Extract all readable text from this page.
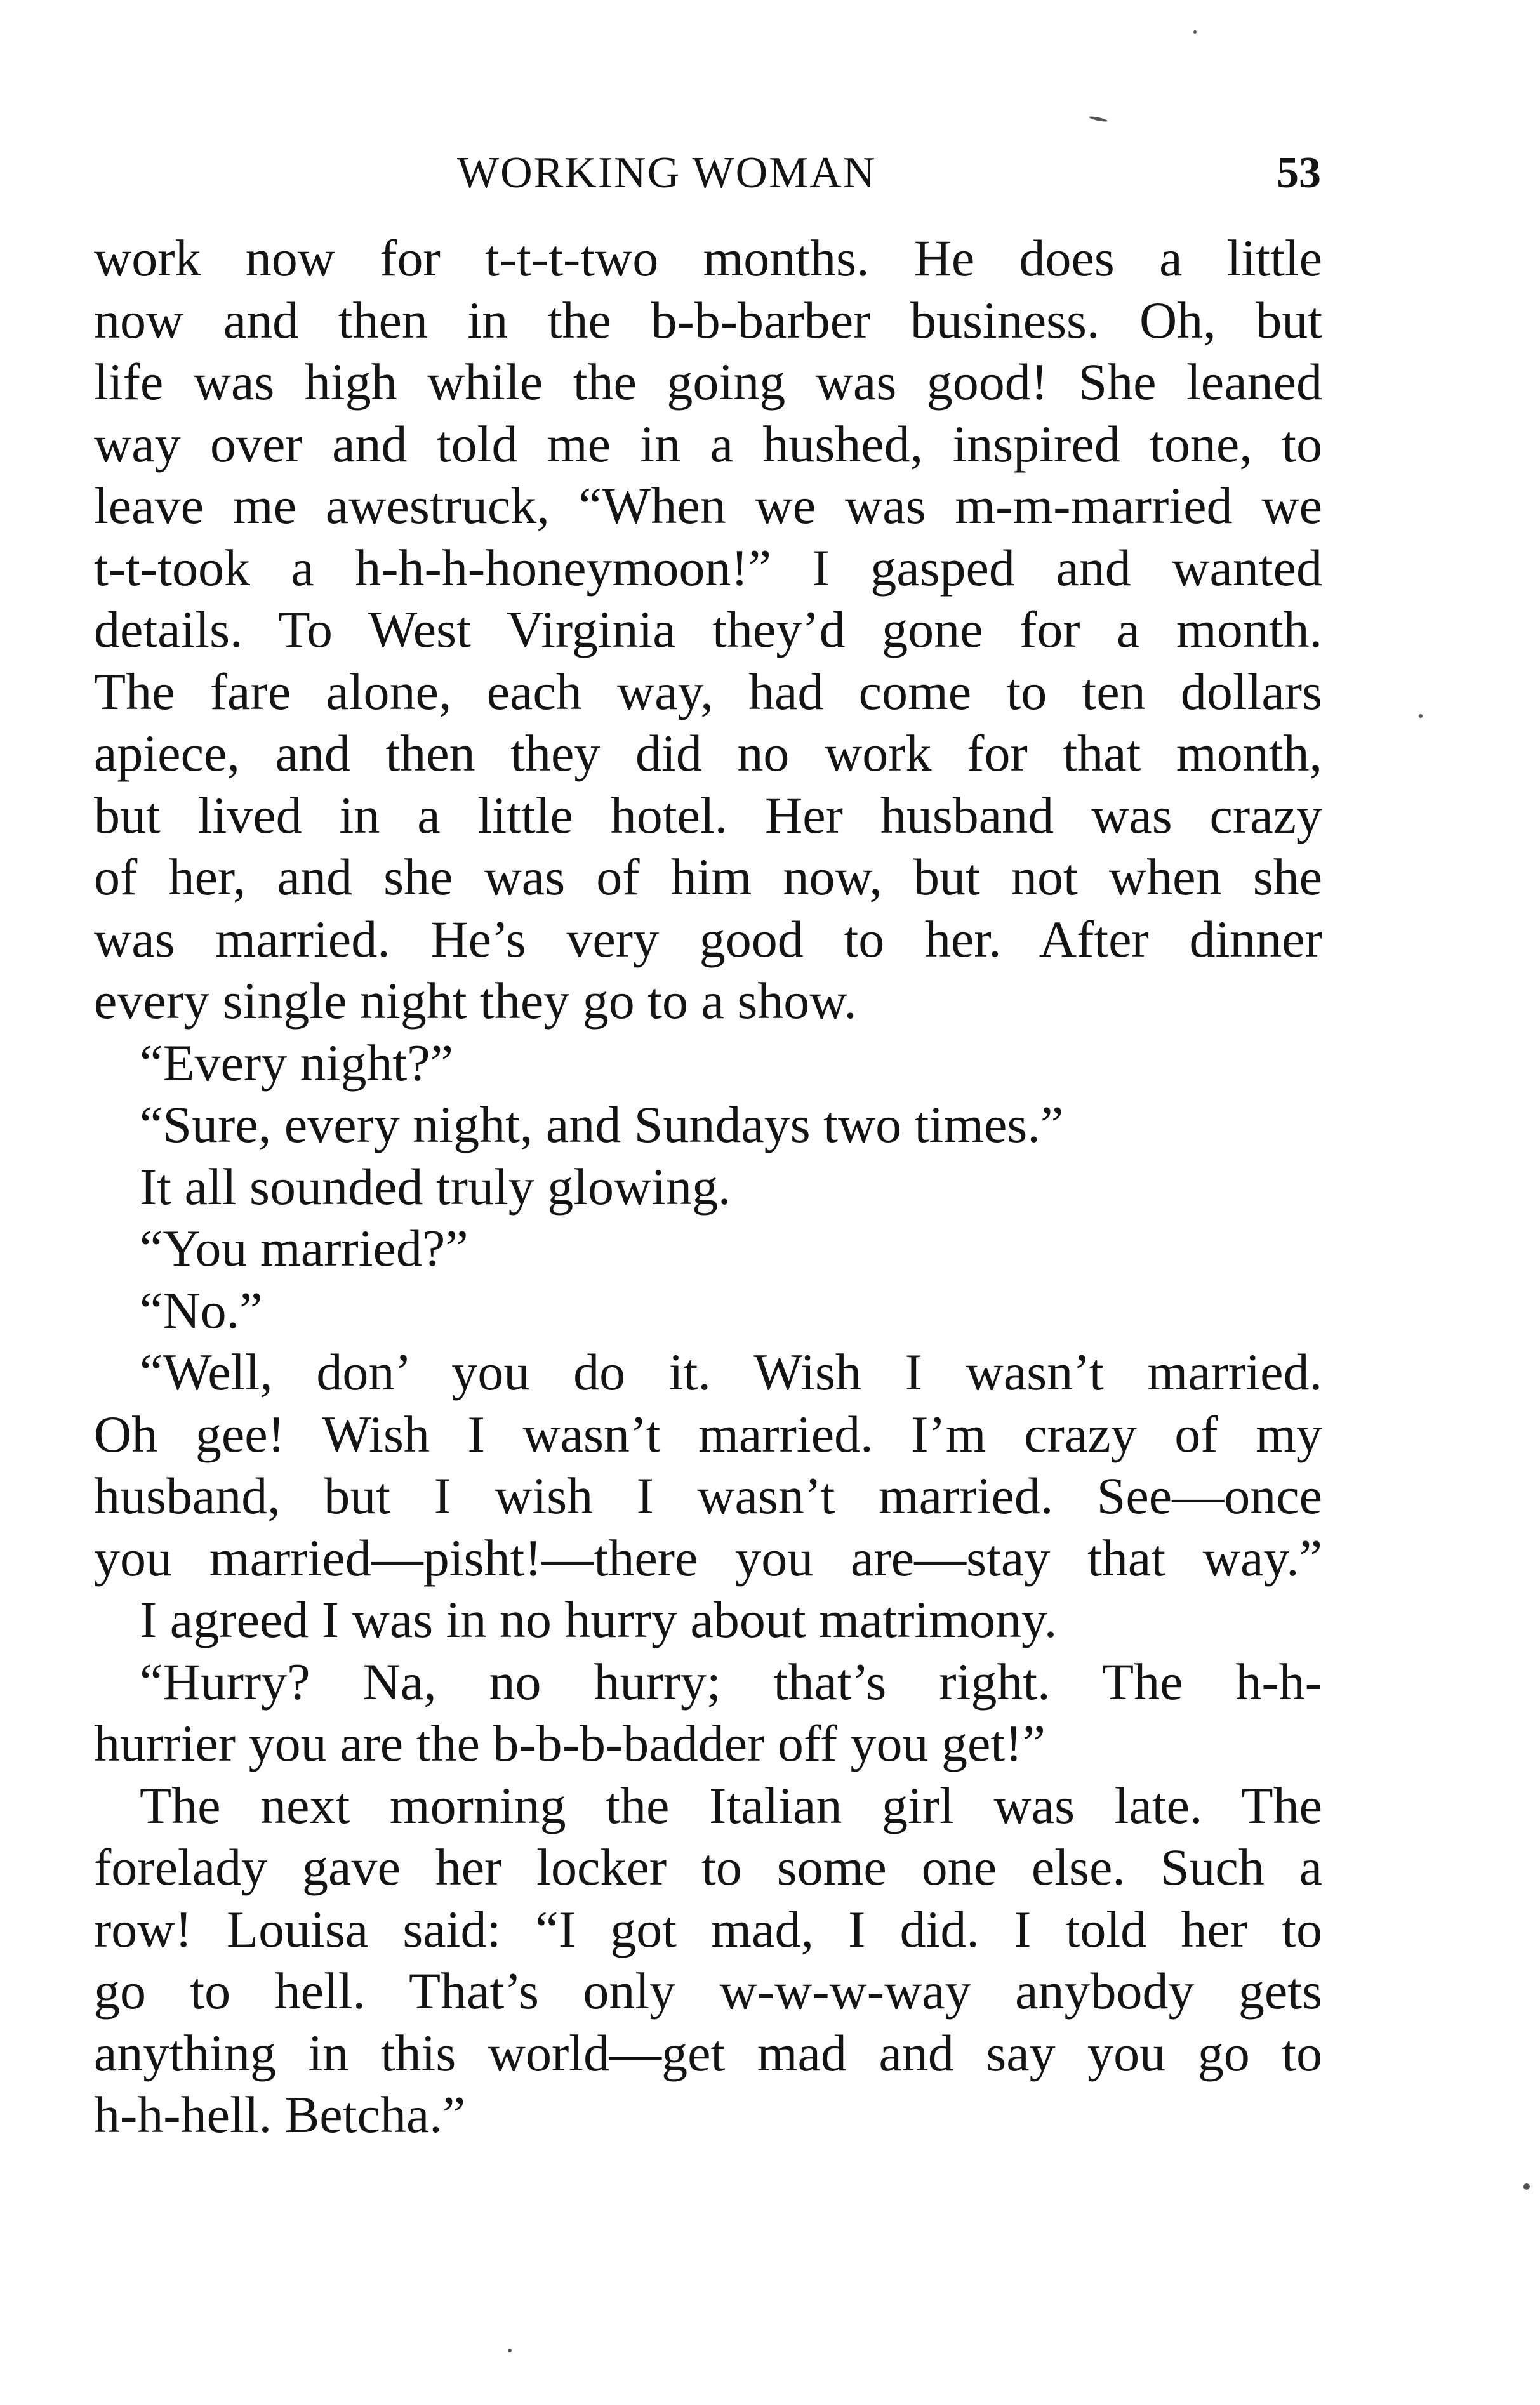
WORKING WOMAN	53
work now for t-t-t-two months. He does a little
now and then in the b-b-barber business. Oh, but
life was high while the going was good! She leaned
way over and told me in a hushed, inspired tone, to
leave me awestruck, “When we was m-m-married we
t-t-took a h-h-h-honeymoon!” I gasped and wanted
details. To West Virginia they’d gone for a month.
The fare alone, each way, had come to ten dollars
apiece, and then they did no work for that month,
but lived in a little hotel. Her husband was crazy
of her, and she was of him now, but not when she
was married. He’s very good to her. After dinner
every single night they go to a show.
“Every night?”
“Sure, every night, and Sundays two times.”
It all sounded truly glowing.
“You married?”
“No.”
“Well, don’ you do it. Wish I wasn’t married.
Oh gee! Wish I wasn’t married. I’m crazy of my
husband, but I wish I wasn’t married. See—once
you married—pisht!—there you are—stay that way.”
I agreed I was in no hurry about matrimony.
“Hurry? Na, no hurry; that’s right. The h-h-
hurrier you are the b-b-b-badder off you get!”
The next morning the Italian girl was late. The
forelady gave her locker to some one else. Such a
row! Louisa said: “I got mad, I did. I told her to
go to hell. That’s only w-w-w-way anybody gets
anything in this world—get mad and say you go to
h-h-hell. Betcha.”
